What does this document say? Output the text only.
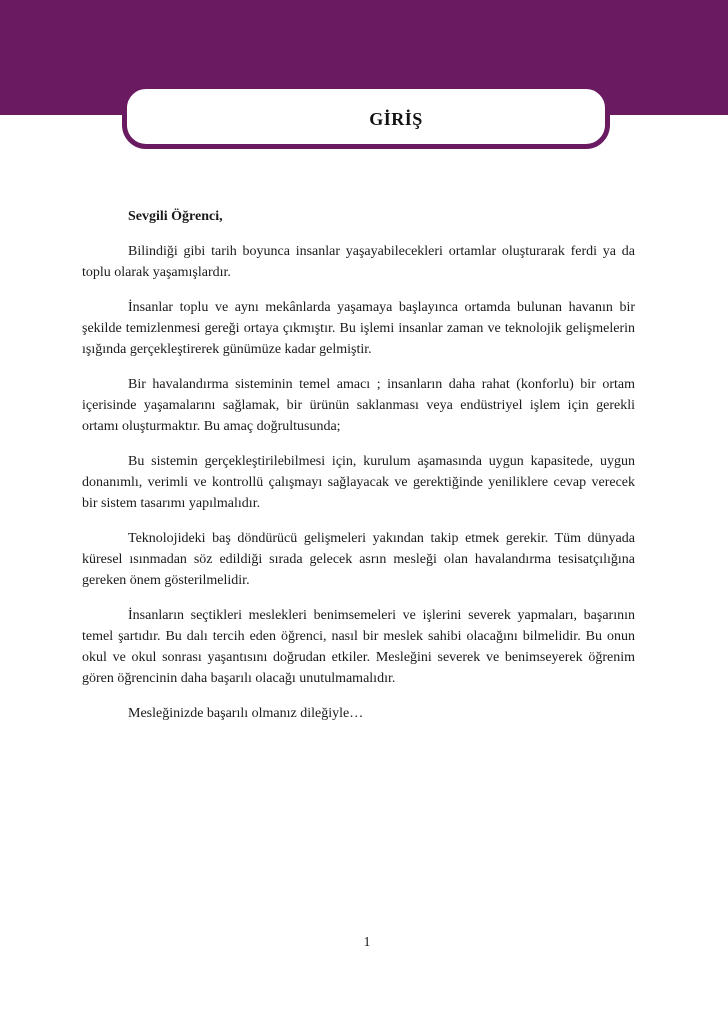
GİRİŞ

Sevgili Öğrenci,

Bilindiği gibi tarih boyunca insanlar yaşayabilecekleri ortamlar oluşturarak ferdi ya da toplu olarak yaşamışlardır.

İnsanlar toplu ve aynı mekânlarda yaşamaya başlayınca ortamda bulunan havanın bir şekilde temizlenmesi gereği ortaya çıkmıştır. Bu işlemi insanlar zaman ve teknolojik gelişmelerin ışığında gerçekleştirerek günümüze kadar gelmiştir.

Bir havalandırma sisteminin temel amacı ; insanların daha rahat (konforlu) bir ortam içerisinde yaşamalarını sağlamak, bir ürünün saklanması veya endüstriyel işlem için gerekli ortamı oluşturmaktır. Bu amaç doğrultusunda;

Bu sistemin gerçekleştirilebilmesi için, kurulum aşamasında uygun kapasitede, uygun donanımlı, verimli ve kontrollü çalışmayı sağlayacak ve gerektiğinde yeniliklere cevap verecek bir sistem tasarımı yapılmalıdır.

Teknolojideki baş döndürücü gelişmeleri yakından takip etmek gerekir. Tüm dünyada küresel ısınmadan söz edildiği sırada gelecek asrın mesleği olan havalandırma tesisatçılığına gereken önem gösterilmelidir.

İnsanların seçtikleri meslekleri benimsemeleri ve işlerini severek yapmaları, başarının temel şartıdır. Bu dalı tercih eden öğrenci, nasıl bir meslek sahibi olacağını bilmelidir. Bu onun okul ve okul sonrası yaşantısını doğrudan etkiler. Mesleğini severek ve benimseyerek öğrenim gören öğrencinin daha başarılı olacağı unutulmamalıdır.

Mesleğinizde başarılı olmanız dileğiyle…

1
